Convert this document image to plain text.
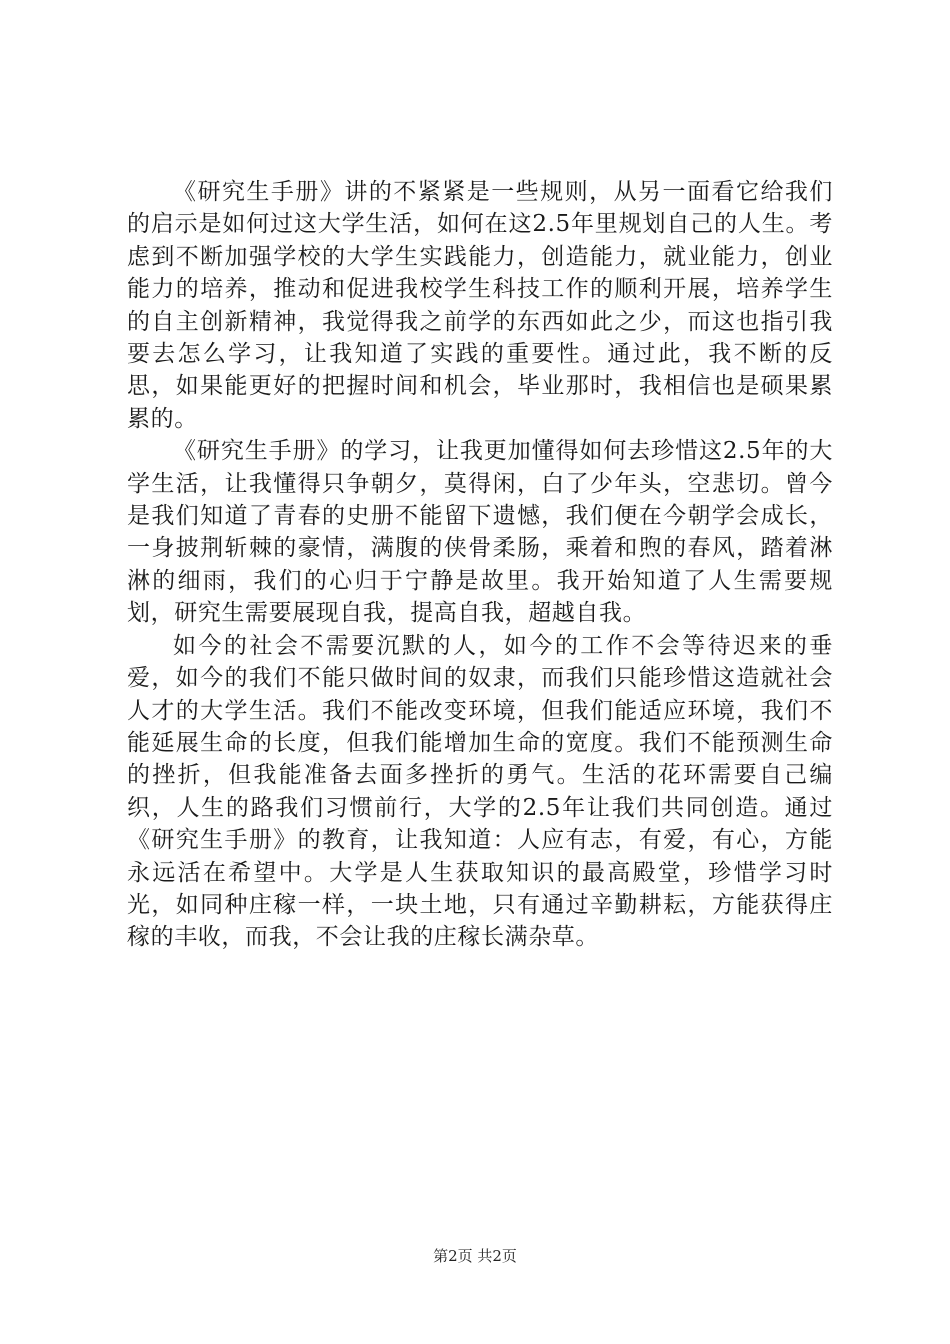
《研究生手册》讲的不紧紧是一些规则，从另一面看它给我们的启示是如何过这大学生活，如何在这2.5年里规划自己的人生。考虑到不断加强学校的大学生实践能力，创造能力，就业能力，创业能力的培养，推动和促进我校学生科技工作的顺利开展，培养学生的自主创新精神，我觉得我之前学的东西如此之少，而这也指引我要去怎么学习，让我知道了实践的重要性。通过此，我不断的反思，如果能更好的把握时间和机会，毕业那时，我相信也是硕果累累的。

《研究生手册》的学习，让我更加懂得如何去珍惜这2.5年的大学生活，让我懂得只争朝夕，莫得闲，白了少年头，空悲切。曾今是我们知道了青春的史册不能留下遗憾，我们便在今朝学会成长，一身披荆斩棘的豪情，满腹的侠骨柔肠，乘着和煦的春风，踏着淋淋的细雨，我们的心归于宁静是故里。我开始知道了人生需要规划，研究生需要展现自我，提高自我，超越自我。

如今的社会不需要沉默的人，如今的工作不会等待迟来的垂爱，如今的我们不能只做时间的奴隶，而我们只能珍惜这造就社会人才的大学生活。我们不能改变环境，但我们能适应环境，我们不能延展生命的长度，但我们能增加生命的宽度。我们不能预测生命的挫折，但我能准备去面多挫折的勇气。生活的花环需要自己编织，人生的路我们习惯前行，大学的2.5年让我们共同创造。通过《研究生手册》的教育，让我知道：人应有志，有爱，有心，方能永远活在希望中。大学是人生获取知识的最高殿堂，珍惜学习时光，如同种庄稼一样，一块土地，只有通过辛勤耕耘，方能获得庄稼的丰收，而我，不会让我的庄稼长满杂草。

第2页 共2页
